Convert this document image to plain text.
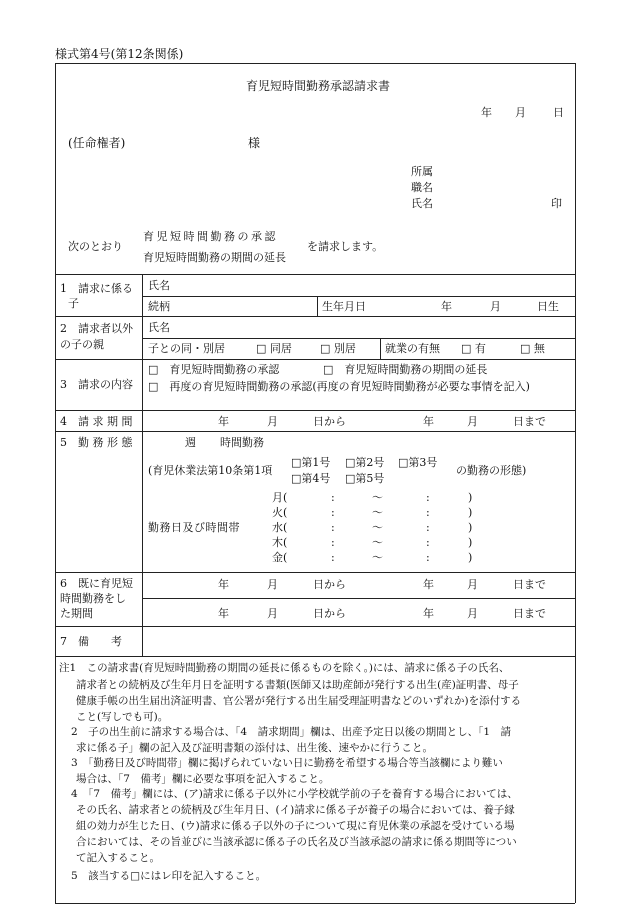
様式第4号(第12条関係)
育児短時間勤務承認請求書
年 月 日
(任命権者)	様
所属
職名
氏名	印
次のとおり
育児短時間勤務の承認
育児短時間勤務の期間の延長
を請求します。
1　請求に係る
子
氏名
続柄	生年月日	年	月	日生
2　請求者以外
の子の親
氏名
子との同・別居	□ 同居	□ 別居	就業の有無 □ 有	□ 無
3　請求の内容
□　育児短時間勤務の承認	□　育児短時間勤務の期間の延長
□　再度の育児短時間勤務の承認(再度の育児短時間勤務が必要な事情を記入)
4　請 求 期 間	年	月	日から	年	月	日まで
5　勤 務 形 態	週 時間勤務
(育児休業法第10条第1項
□第1号 □第2号 □第3号
□第4号 □第5号
の勤務の形態)
勤務日及び時間帯
月(	:	～	:	)
火(	:	～	:	)
水(	:	～	:	)
木(	:	～	:	)
金(	:	～	:	)
6　既に育児短
時間勤務をし
た期間
年	月	日から	年	月	日まで
年	月	日から	年	月	日まで
7　備　　考
注1　この請求書(育児短時間勤務の期間の延長に係るものを除く。)には、請求に係る子の氏名、
請求者との続柄及び生年月日を証明する書類(医師又は助産師が発行する出生(産)証明書、母子
健康手帳の出生届出済証明書、官公署が発行する出生届受理証明書などのいずれか)を添付する
こと(写しでも可)。
2　子の出生前に請求する場合は、「4　請求期間」欄は、出産予定日以後の期間とし、「1　請
求に係る子」欄の記入及び証明書類の添付は、出生後、速やかに行うこと。
3　「勤務日及び時間帯」欄に掲げられていない日に勤務を希望する場合等当該欄により難い
場合は、「7　備考」欄に必要な事項を記入すること。
4　「7　備考」欄には、(ア)請求に係る子以外に小学校就学前の子を養育する場合においては、
その氏名、請求者との続柄及び生年月日、(イ)請求に係る子が養子の場合においては、養子縁
組の効力が生じた日、(ウ)請求に係る子以外の子について現に育児休業の承認を受けている場
合においては、その旨並びに当該承認に係る子の氏名及び当該承認の請求に係る期間等につい
て記入すること。
5　該当する□にはレ印を記入すること。
